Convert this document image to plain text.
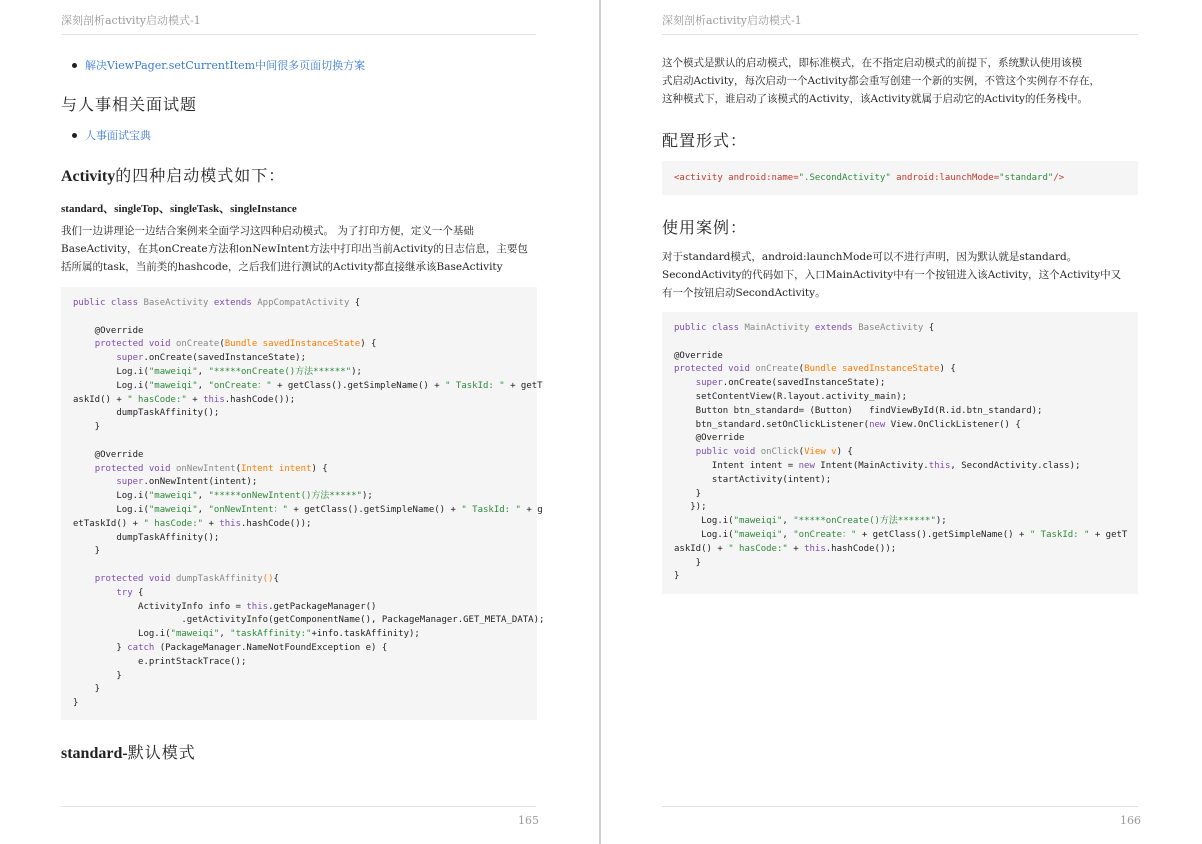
深刻剖析activity启动模式-1
解决ViewPager.setCurrentItem中间很多页面切换方案
与人事相关面试题
人事面试宝典
Activity的四种启动模式如下：
standard、singleTop、singleTask、singleInstance
我们一边讲理论一边结合案例来全面学习这四种启动模式。 为了打印方便，定义一个基础
BaseActivity，在其onCreate方法和onNewIntent方法中打印出当前Activity的日志信息，主要包
括所属的task，当前类的hashcode，之后我们进行测试的Activity都直接继承该BaseActivity
public class BaseActivity extends AppCompatActivity {

@Override
protected void onCreate(Bundle savedInstanceState) {
super.onCreate(savedInstanceState);
Log.i("maweiqi", "*****onCreate()方法******");
Log.i("maweiqi", "onCreate：" + getClass().getSimpleName() + " TaskId: " + getT
askId() + " hasCode:" + this.hashCode());
dumpTaskAffinity();
}

@Override
protected void onNewIntent(Intent intent) {
super.onNewIntent(intent);
Log.i("maweiqi", "*****onNewIntent()方法*****");
Log.i("maweiqi", "onNewIntent：" + getClass().getSimpleName() + " TaskId: " + g
etTaskId() + " hasCode:" + this.hashCode());
dumpTaskAffinity();
}

protected void dumpTaskAffinity(){
try {
ActivityInfo info = this.getPackageManager()
.getActivityInfo(getComponentName(), PackageManager.GET_META_DATA);
Log.i("maweiqi", "taskAffinity:"+info.taskAffinity);
} catch (PackageManager.NameNotFoundException e) {
e.printStackTrace();
}
}
}
standard-默认模式
165
深刻剖析activity启动模式-1
这个模式是默认的启动模式，即标准模式，在不指定启动模式的前提下，系统默认使用该模
式启动Activity，每次启动一个Activity都会重写创建一个新的实例，不管这个实例存不存在，
这种模式下，谁启动了该模式的Activity，该Activity就属于启动它的Activity的任务栈中。
配置形式：
<activity android:name=".SecondActivity" android:launchMode="standard"/>
使用案例：
对于standard模式，android:launchMode可以不进行声明，因为默认就是standard。
SecondActivity的代码如下，入口MainActivity中有一个按钮进入该Activity，这个Activity中又
有一个按钮启动SecondActivity。
public class MainActivity extends BaseActivity {

@Override
protected void onCreate(Bundle savedInstanceState) {
super.onCreate(savedInstanceState);
setContentView(R.layout.activity_main);
Button btn_standard= (Button)   findViewById(R.id.btn_standard);
btn_standard.setOnClickListener(new View.OnClickListener() {
@Override
public void onClick(View v) {
Intent intent = new Intent(MainActivity.this, SecondActivity.class);
startActivity(intent);
}
});
Log.i("maweiqi", "*****onCreate()方法******");
Log.i("maweiqi", "onCreate：" + getClass().getSimpleName() + " TaskId: " + getT
askId() + " hasCode:" + this.hashCode());
}
}
166
